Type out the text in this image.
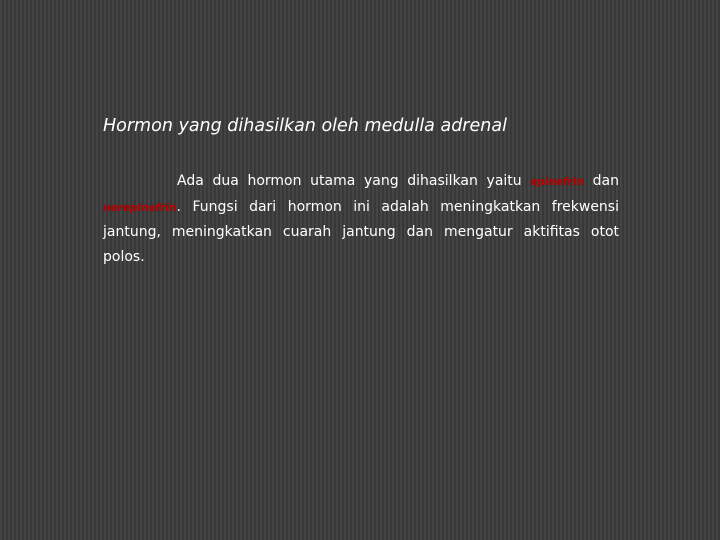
Hormon yang dihasilkan oleh medulla adrenal

Ada dua hormon utama yang dihasilkan yaitu epinefrin dan norepinefrin. Fungsi dari hormon ini adalah meningkatkan frekwensi jantung, meningkatkan cuarah jantung dan mengatur aktifitas otot polos.
